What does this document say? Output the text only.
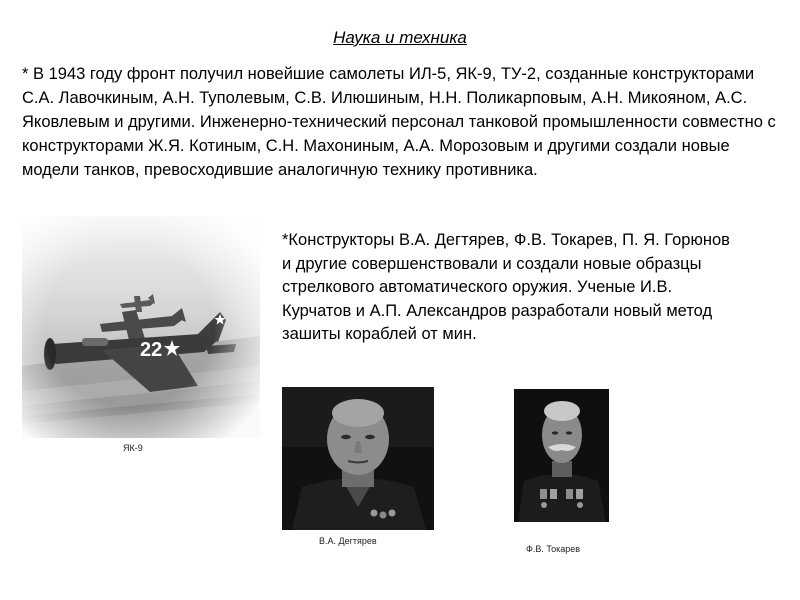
Наука и техника
* В 1943 году фронт получил новейшие самолеты ИЛ-5, ЯК-9, ТУ-2, созданные конструкторами С.А. Лавочкиным, А.Н. Туполевым, С.В. Илюшиным, Н.Н. Поликарповым, А.Н. Микояном, А.С. Яковлевым и другими. Инженерно-технический персонал танковой промышленности совместно с конструкторами Ж.Я. Котиным, С.Н. Махониным, А.А. Морозовым и другими создали новые модели танков, превосходившие аналогичную технику противника.
*Конструкторы В.А. Дегтярев, Ф.В. Токарев, П. Я. Горюнов и другие совершенствовали и создали новые образцы стрелкового автоматического оружия. Ученые И.В. Курчатов и А.П. Александров разработали новый метод зашиты кораблей от мин.
ЯК-9
В.А. Дегтярев
Ф.В. Токарев
